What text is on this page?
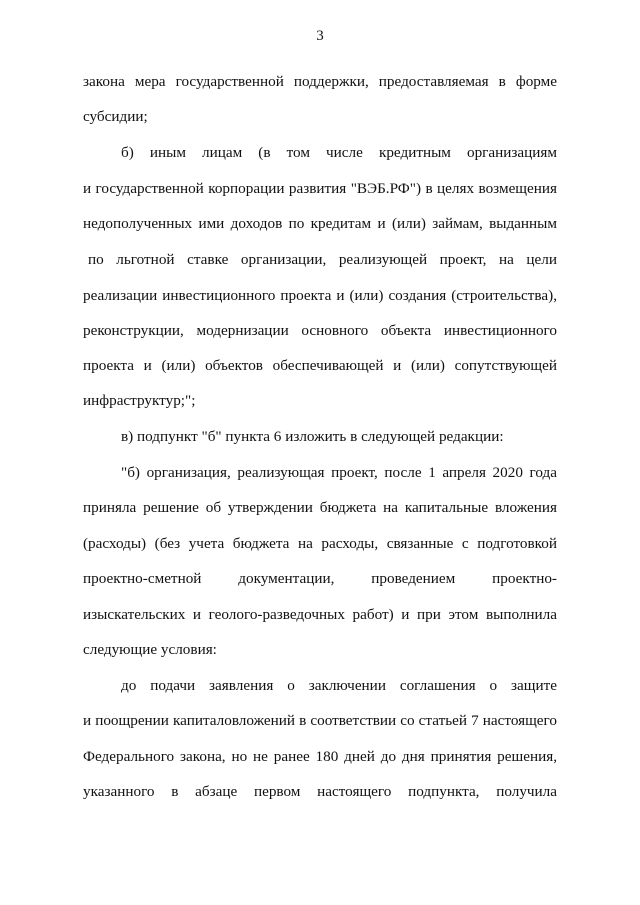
3
закона мера государственной поддержки, предоставляемая в форме
субсидии;
б) иным лицам (в том числе кредитным организациям
и государственной корпорации развития "ВЭБ.РФ") в целях возмещения
недополученных ими доходов по кредитам и (или) займам, выданным
по льготной ставке организации, реализующей проект, на цели
реализации инвестиционного проекта и (или) создания (строительства),
реконструкции, модернизации основного объекта инвестиционного
проекта и (или) объектов обеспечивающей и (или) сопутствующей
инфраструктур;";
в) подпункт "б" пункта 6 изложить в следующей редакции:
"б) организация, реализующая проект, после 1 апреля 2020 года
приняла решение об утверждении бюджета на капитальные вложения
(расходы) (без учета бюджета на расходы, связанные с подготовкой
проектно-сметной документации, проведением проектно-
изыскательских и геолого-разведочных работ) и при этом выполнила
следующие условия:
до подачи заявления о заключении соглашения о защите
и поощрении капиталовложений в соответствии со статьей 7 настоящего
Федерального закона, но не ранее 180 дней до дня принятия решения,
указанного в абзаце первом настоящего подпункта, получила
